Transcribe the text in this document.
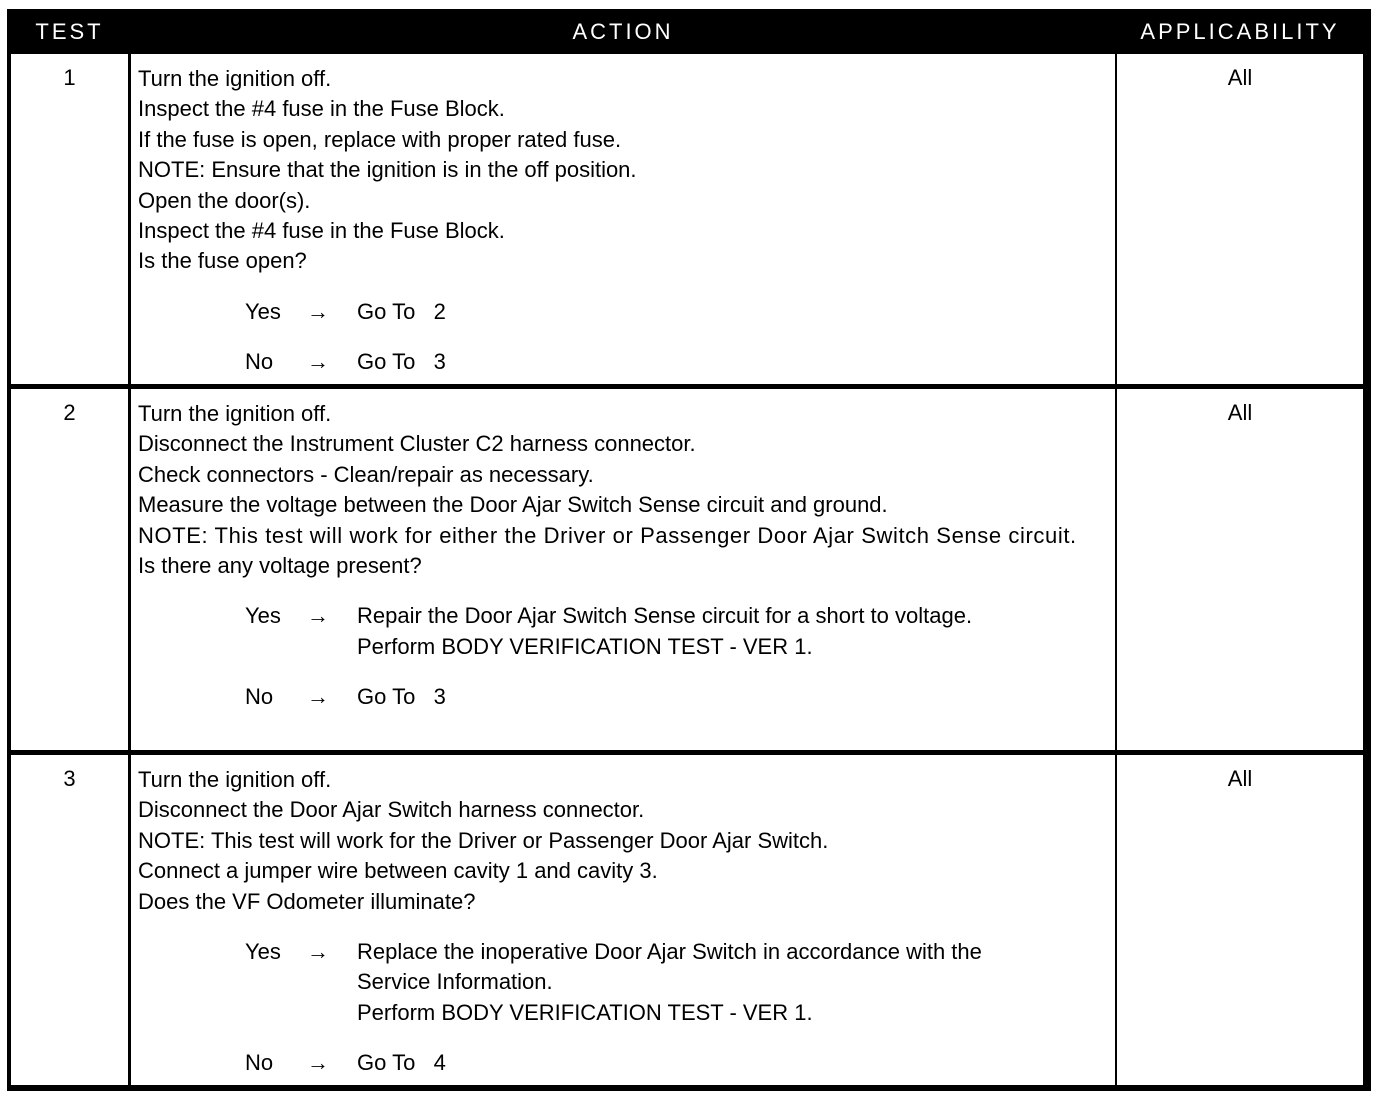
TEST	ACTION	APPLICABILITY
1	Turn the ignition off.
Inspect the #4 fuse in the Fuse Block.
If the fuse is open, replace with proper rated fuse.
NOTE: Ensure that the ignition is in the off position.
Open the door(s).
Inspect the #4 fuse in the Fuse Block.
Is the fuse open?
Yes	→	Go To   2
No	→	Go To   3
All
2	Turn the ignition off.
Disconnect the Instrument Cluster C2 harness connector.
Check connectors - Clean/repair as necessary.
Measure the voltage between the Door Ajar Switch Sense circuit and ground.
NOTE: This test will work for either the Driver or Passenger Door Ajar Switch Sense circuit.
Is there any voltage present?
Yes	→	Repair the Door Ajar Switch Sense circuit for a short to voltage.
Perform BODY VERIFICATION TEST - VER 1.
No	→	Go To   3
All
3	Turn the ignition off.
Disconnect the Door Ajar Switch harness connector.
NOTE: This test will work for the Driver or Passenger Door Ajar Switch.
Connect a jumper wire between cavity 1 and cavity 3.
Does the VF Odometer illuminate?
Yes	→	Replace the inoperative Door Ajar Switch in accordance with the
Service Information.
Perform BODY VERIFICATION TEST - VER 1.
No	→	Go To   4
All
